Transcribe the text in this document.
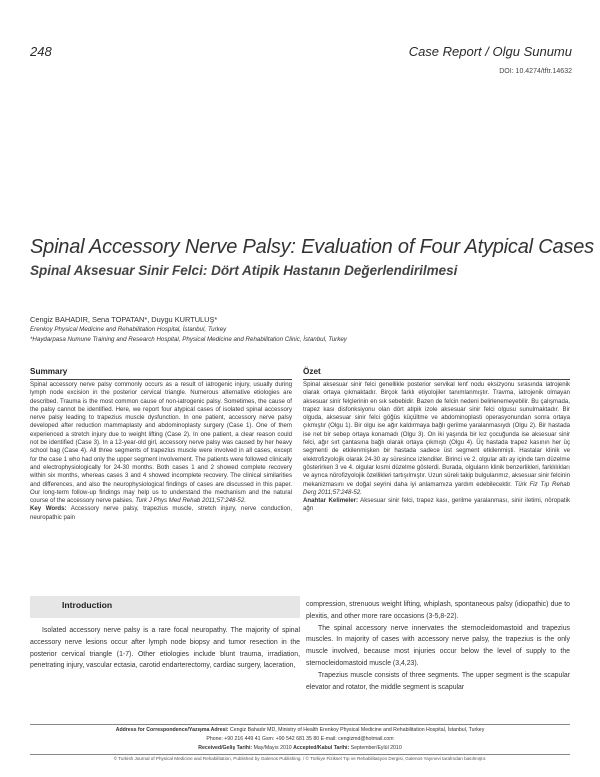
248	Case Report / Olgu Sunumu
DOI: 10.4274/tftr.14632
Spinal Accessory Nerve Palsy: Evaluation of Four Atypical Cases
Spinal Aksesuar Sinir Felci: Dört Atipik Hastanın Değerlendirilmesi
Cengiz BAHADIR, Sena TOPATAN*, Duygu KURTULUŞ*
Erenkoy Physical Medicine and Rehabilitation Hospital, İstanbul, Turkey
*Haydarpasa Numune Training and Research Hospital, Physical Medicine and Rehabilitation Clinic, İstanbul, Turkey
Summary
Spinal accessory nerve palsy commonly occurs as a result of iatrogenic injury, usually during lymph node excision in the posterior cervical triangle. Numerous alternative etiologies are described. Trauma is the most common cause of non-iatrogenic palsy. Sometimes, the cause of the palsy cannot be identified. Here, we report four atypical cases of isolated spinal accessory nerve palsy leading to trapezius muscle dysfunction. In one patient, accessory nerve palsy developed after reduction mammaplasty and abdominoplasty surgery (Case 1). One of them experienced a stretch injury due to weight lifting (Case 2). In one patient, a clear reason could not be identified (Case 3). In a 12-year-old girl, accessory nerve palsy was caused by her heavy school bag (Case 4). All three segments of trapezius muscle were involved in all cases, except for the case 1 who had only the upper segment involvement. The patients were followed clinically and electrophysiologically for 24-30 months. Both cases 1 and 2 showed complete recovery within six months, whereas cases 3 and 4 showed incomplete recovery. The clinical similarities and differences, and also the neurophysiological findings of cases are discussed in this paper. Our long-term follow-up findings may help us to understand the mechanism and the natural course of the accessory nerve palsies. Turk J Phys Med Rehab 2011;57:248-52.
Key Words: Accessory nerve palsy, trapezius muscle, stretch injury, nerve conduction, neuropathic pain
Özet
Spinal aksesuar sinir felci genellikle posterior servikal lenf nodu eksizyonu sırasında iatrojenik olarak ortaya çıkmaktadır. Birçok farklı etiyolojiler tanımlanmıştır. Travma, iatrojenik olmayan aksesuar sinir felçlerinin en sık sebebidir. Bazen de felcin nedeni belirlenemeyebilir. Bu çalışmada, trapez kası disfonksiyonu olan dört atipik izole aksesuar sinir felci olgusu sunulmaktadır. Bir olguda, aksesuar sinir felci göğüs küçültme ve abdominoplasti operasyonundan sonra ortaya çıkmıştır (Olgu 1). Bir olgu ise ağır kaldırmaya bağlı gerilme yaralanmasıydı (Olgu 2). Bir hastada ise net bir sebep ortaya konamadı (Olgu 3). On iki yaşında bir kız çocuğunda ise aksesuar sinir felci, ağır sırt çantasına bağlı olarak ortaya çıkmıştı (Olgu 4). Üç hastada trapez kasının her üç segmenti de etkilenmişken bir hastada sadece üst segment etkilenmişti. Hastalar klinik ve elektrofizyolojik olarak 24-30 ay süresince izlendiler. Birinci ve 2. olgular altı ay içinde tam düzelme gösterirken 3 ve 4. olgular kısmi düzelme gösterdi. Burada, olguların klinik benzerlikleri, farklılıkları ve ayrıca nörofizyolojik özellikleri tartışılmıştır. Uzun süreli takip bulgularımız, aksesuar sinir felcinin mekanizmasını ve doğal seyrini daha iyi anlamamıza yardım edebilecektir. Türk Fiz Tıp Rehab Derg 2011;57:248-52.
Anahtar Kelimeler: Aksesuar sinir felci, trapez kası, gerilme yaralanması, sinir iletimi, nöropatik ağrı
Introduction
Isolated accessory nerve palsy is a rare focal neuropathy. The majority of spinal accessory nerve lesions occur after lymph node biopsy and tumor resection in the posterior cervical triangle (1-7). Other etiologies include blunt trauma, irradiation, penetrating injury, vascular ectasia, carotid endarterectomy, cardiac surgery, laceration,
compression, strenuous weight lifting, whiplash, spontaneous palsy (idiopathic) due to plexitis, and other more rare occasions (3-5,8-22).
The spinal accessory nerve innervates the sternocleidomastoid and trapezius muscles. In majority of cases with accessory nerve palsy, the trapezius is the only muscle involved, because most injuries occur below the level of supply to the sternocleidomastoid muscle (3,4,23).
Trapezius muscle consists of three segments. The upper segment is the scapular elevator and rotator, the middle segment is scapular
Address for Correspondence/Yazışma Adresi: Cengiz Bahadır MD, Ministry of Health Erenkoy Physical Medicine and Rehabilitation Hospital, İstanbul, Turkey
Phone: +90 216 449 41 Gsm: +90 542 681 35 80 E-mail: cengizmd@hotmail.com
Received/Geliş Tarihi: May/Mayıs 2010 Accepted/Kabul Tarihi: September/Eylül 2010
© Turkish Journal of Physical Medicine and Rehabilitation, Published by Galenos Publishing. / © Türkiye Fiziksel Tıp ve Rehabilitasyon Dergisi, Galenos Yayınevi tarafından basılmıştır.
